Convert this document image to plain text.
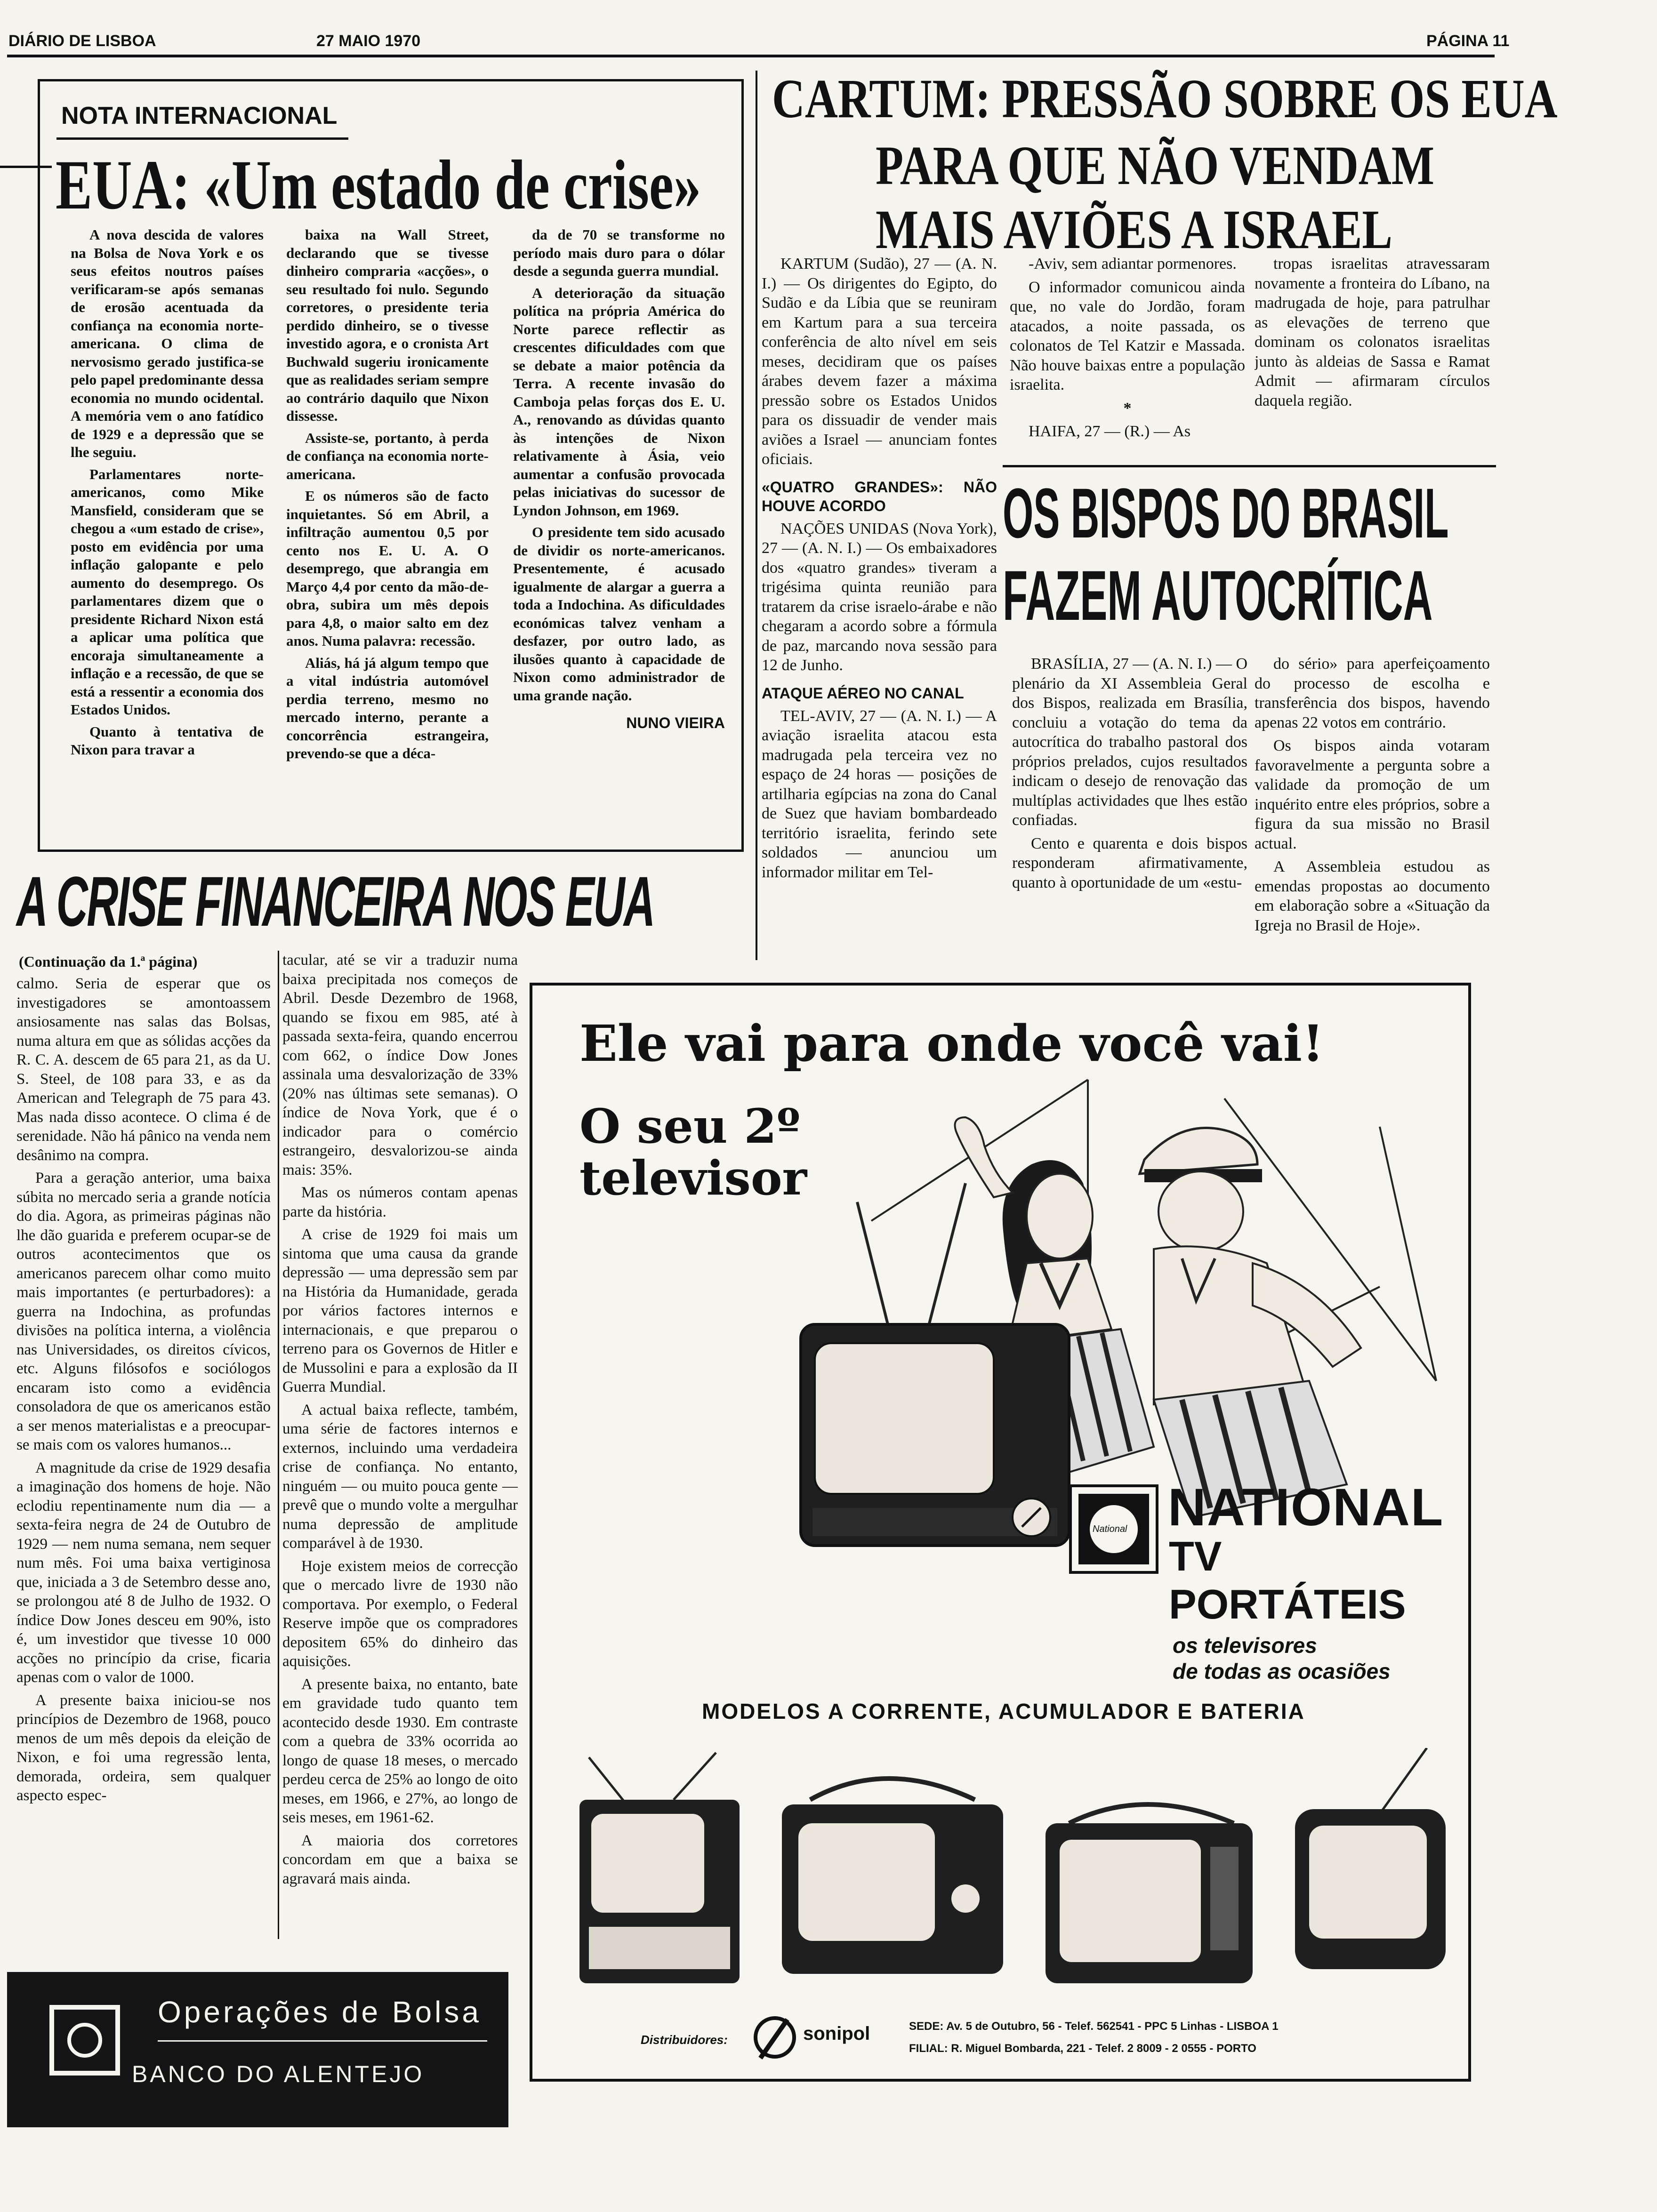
DIÁRIO DE LISBOA	27 MAIO 1970	PÁGINA 11
NOTA INTERNACIONAL
EUA: «Um estado de crise»

A nova descida de valores na Bolsa de Nova York e os seus efeitos noutros países verificaram-se após semanas de erosão acentuada da confiança na economia norte-americana. O clima de nervosismo gerado justifica-se pelo papel predominante dessa economia no mundo ocidental. A memória vem o ano fatídico de 1929 e a depressão que se lhe seguiu.

Parlamentares norte-americanos, como Mike Mansfield, consideram que se chegou a «um estado de crise», posto em evidência por uma inflação galopante e pelo aumento do desemprego. Os parlamentares dizem que o presidente Richard Nixon está a aplicar uma política que encoraja simultaneamente a inflação e a recessão, de que se está a ressentir a economia dos Estados Unidos.

Quanto à tentativa de Nixon para travar a

baixa na Wall Street, declarando que se tivesse dinheiro compraria «acções», o seu resultado foi nulo. Segundo corretores, o presidente teria perdido dinheiro, se o tivesse investido agora, e o cronista Art Buchwald sugeriu ironicamente que as realidades seriam sempre ao contrário daquilo que Nixon dissesse.

Assiste-se, portanto, à perda de confiança na economia norte-americana.

E os números são de facto inquietantes. Só em Abril, a infiltração aumentou 0,5 por cento nos E. U. A. O desemprego, que abrangia em Março 4,4 por cento da mão-de-obra, subira um mês depois para 4,8, o maior salto em dez anos. Numa palavra: recessão.

Aliás, há já algum tempo que a vital indústria automóvel perdia terreno, mesmo no mercado interno, perante a concorrência estrangeira, prevendo-se que a déca-

da de 70 se transforme no período mais duro para o dólar desde a segunda guerra mundial.

A deterioração da situação política na própria América do Norte parece reflectir as crescentes dificuldades com que se debate a maior potência da Terra. A recente invasão do Camboja pelas forças dos E. U. A., renovando as dúvidas quanto às intenções de Nixon relativamente à Ásia, veio aumentar a confusão provocada pelas iniciativas do sucessor de Lyndon Johnson, em 1969.

O presidente tem sido acusado de dividir os norte-americanos. Presentemente, é acusado igualmente de alargar a guerra a toda a Indochina. As dificuldades económicas talvez venham a desfazer, por outro lado, as ilusões quanto à capacidade de Nixon como administrador de uma grande nação.

NUNO VIEIRA

CARTUM: PRESSÃO SOBRE OS EUA
PARA QUE NÃO VENDAM
MAIS AVIÕES A ISRAEL

KARTUM (Sudão), 27 — (A. N. I.) — Os dirigentes do Egipto, do Sudão e da Líbia que se reuniram em Kartum para a sua terceira conferência de alto nível em seis meses, decidiram que os países árabes devem fazer a máxima pressão sobre os Estados Unidos para os dissuadir de vender mais aviões a Israel — anunciam fontes oficiais.

«QUATRO GRANDES»: NÃO HOUVE ACORDO

NAÇÕES UNIDAS (Nova York), 27 — (A. N. I.) — Os embaixadores dos «quatro grandes» tiveram a trigésima quinta reunião para tratarem da crise israelo-árabe e não chegaram a acordo sobre a fórmula de paz, marcando nova sessão para 12 de Junho.

ATAQUE AÉREO NO CANAL

TEL-AVIV, 27 — (A. N. I.) — A aviação israelita atacou esta madrugada pela terceira vez no espaço de 24 horas — posições de artilharia egípcias na zona do Canal de Suez que haviam bombardeado território israelita, ferindo sete soldados — anunciou um informador militar em Tel-

-Aviv, sem adiantar pormenores.

O informador comunicou ainda que, no vale do Jordão, foram atacados, a noite passada, os colonatos de Tel Katzir e Massada. Não houve baixas entre a população israelita.

*

HAIFA, 27 — (R.) — As

tropas israelitas atravessaram novamente a fronteira do Líbano, na madrugada de hoje, para patrulhar as elevações de terreno que dominam os colonatos israelitas junto às aldeias de Sassa e Ramat Admit — afirmaram círculos daquela região.

OS BISPOS DO BRASIL
FAZEM AUTOCRÍTICA

BRASÍLIA, 27 — (A. N. I.) — O plenário da XI Assembleia Geral dos Bispos, realizada em Brasília, concluiu a votação do tema da autocrítica do trabalho pastoral dos próprios prelados, cujos resultados indicam o desejo de renovação das multíplas actividades que lhes estão confiadas.

Cento e quarenta e dois bispos responderam afirmativamente, quanto à oportunidade de um «estu-

do sério» para aperfeiçoamento do processo de escolha e transferência dos bispos, havendo apenas 22 votos em contrário.

Os bispos ainda votaram favoravelmente a pergunta sobre a validade da promoção de um inquérito entre eles próprios, sobre a figura da sua missão no Brasil actual.

A Assembleia estudou as emendas propostas ao documento em elaboração sobre a «Situação da Igreja no Brasil de Hoje».

A CRISE FINANCEIRA NOS EUA
(Continuação da 1.ª página)

calmo. Seria de esperar que os investigadores se amontoassem ansiosamente nas salas das Bolsas, numa altura em que as sólidas acções da R. C. A. descem de 65 para 21, as da U. S. Steel, de 108 para 33, e as da American and Telegraph de 75 para 43. Mas nada disso acontece. O clima é de serenidade. Não há pânico na venda nem desânimo na compra.

Para a geração anterior, uma baixa súbita no mercado seria a grande notícia do dia. Agora, as primeiras páginas não lhe dão guarida e preferem ocupar-se de outros acontecimentos que os americanos parecem olhar como muito mais importantes (e perturbadores): a guerra na Indochina, as profundas divisões na política interna, a violência nas Universidades, os direitos cívicos, etc. Alguns filósofos e sociólogos encaram isto como a evidência consoladora de que os americanos estão a ser menos materialistas e a preocupar-se mais com os valores humanos...

A magnitude da crise de 1929 desafia a imaginação dos homens de hoje. Não eclodiu repentinamente num dia — a sexta-feira negra de 24 de Outubro de 1929 — nem numa semana, nem sequer num mês. Foi uma baixa vertiginosa que, iniciada a 3 de Setembro desse ano, se prolongou até 8 de Julho de 1932. O índice Dow Jones desceu em 90%, isto é, um investidor que tivesse 10 000 acções no princípio da crise, ficaria apenas com o valor de 1000.

A presente baixa iniciou-se nos princípios de Dezembro de 1968, pouco menos de um mês depois da eleição de Nixon, e foi uma regressão lenta, demorada, ordeira, sem qualquer aspecto espec-

tacular, até se vir a traduzir numa baixa precipitada nos começos de Abril. Desde Dezembro de 1968, quando se fixou em 985, até à passada sexta-feira, quando encerrou com 662, o índice Dow Jones assinala uma desvalorização de 33% (20% nas últimas sete semanas). O índice de Nova York, que é o indicador para o comércio estrangeiro, desvalorizou-se ainda mais: 35%.

Mas os números contam apenas parte da história.

A crise de 1929 foi mais um sintoma que uma causa da grande depressão — uma depressão sem par na História da Humanidade, gerada por vários factores internos e internacionais, e que preparou o terreno para os Governos de Hitler e de Mussolini e para a explosão da II Guerra Mundial.

A actual baixa reflecte, também, uma série de factores internos e externos, incluindo uma verdadeira crise de confiança. No entanto, ninguém — ou muito pouca gente — prevê que o mundo volte a mergulhar numa depressão de amplitude comparável à de 1930.

Hoje existem meios de correcção que o mercado livre de 1930 não comportava. Por exemplo, o Federal Reserve impõe que os compradores depositem 65% do dinheiro das aquisições.

A presente baixa, no entanto, bate em gravidade tudo quanto tem acontecido desde 1930. Em contraste com a quebra de 33% ocorrida ao longo de quase 18 meses, o mercado perdeu cerca de 25% ao longo de oito meses, em 1966, e 27%, ao longo de seis meses, em 1961-62.

A maioria dos corretores concordam em que a baixa se agravará mais ainda.

Operações de Bolsa
BANCO DO ALENTEJO
Ele vai para onde você vai!
O seu 2º
televisor
National NATIONAL
TV PORTÁTEIS
os televisores
de todas as ocasiões
MODELOS A CORRENTE, ACUMULADOR E BATERIA
Distribuidores:	sonipol	SEDE: Av. 5 de Outubro, 56 - Telef. 562541 - PPC 5 Linhas - LISBOA 1
FILIAL: R. Miguel Bombarda, 221 - Telef. 2 8009 - 2 0555 - PORTO
